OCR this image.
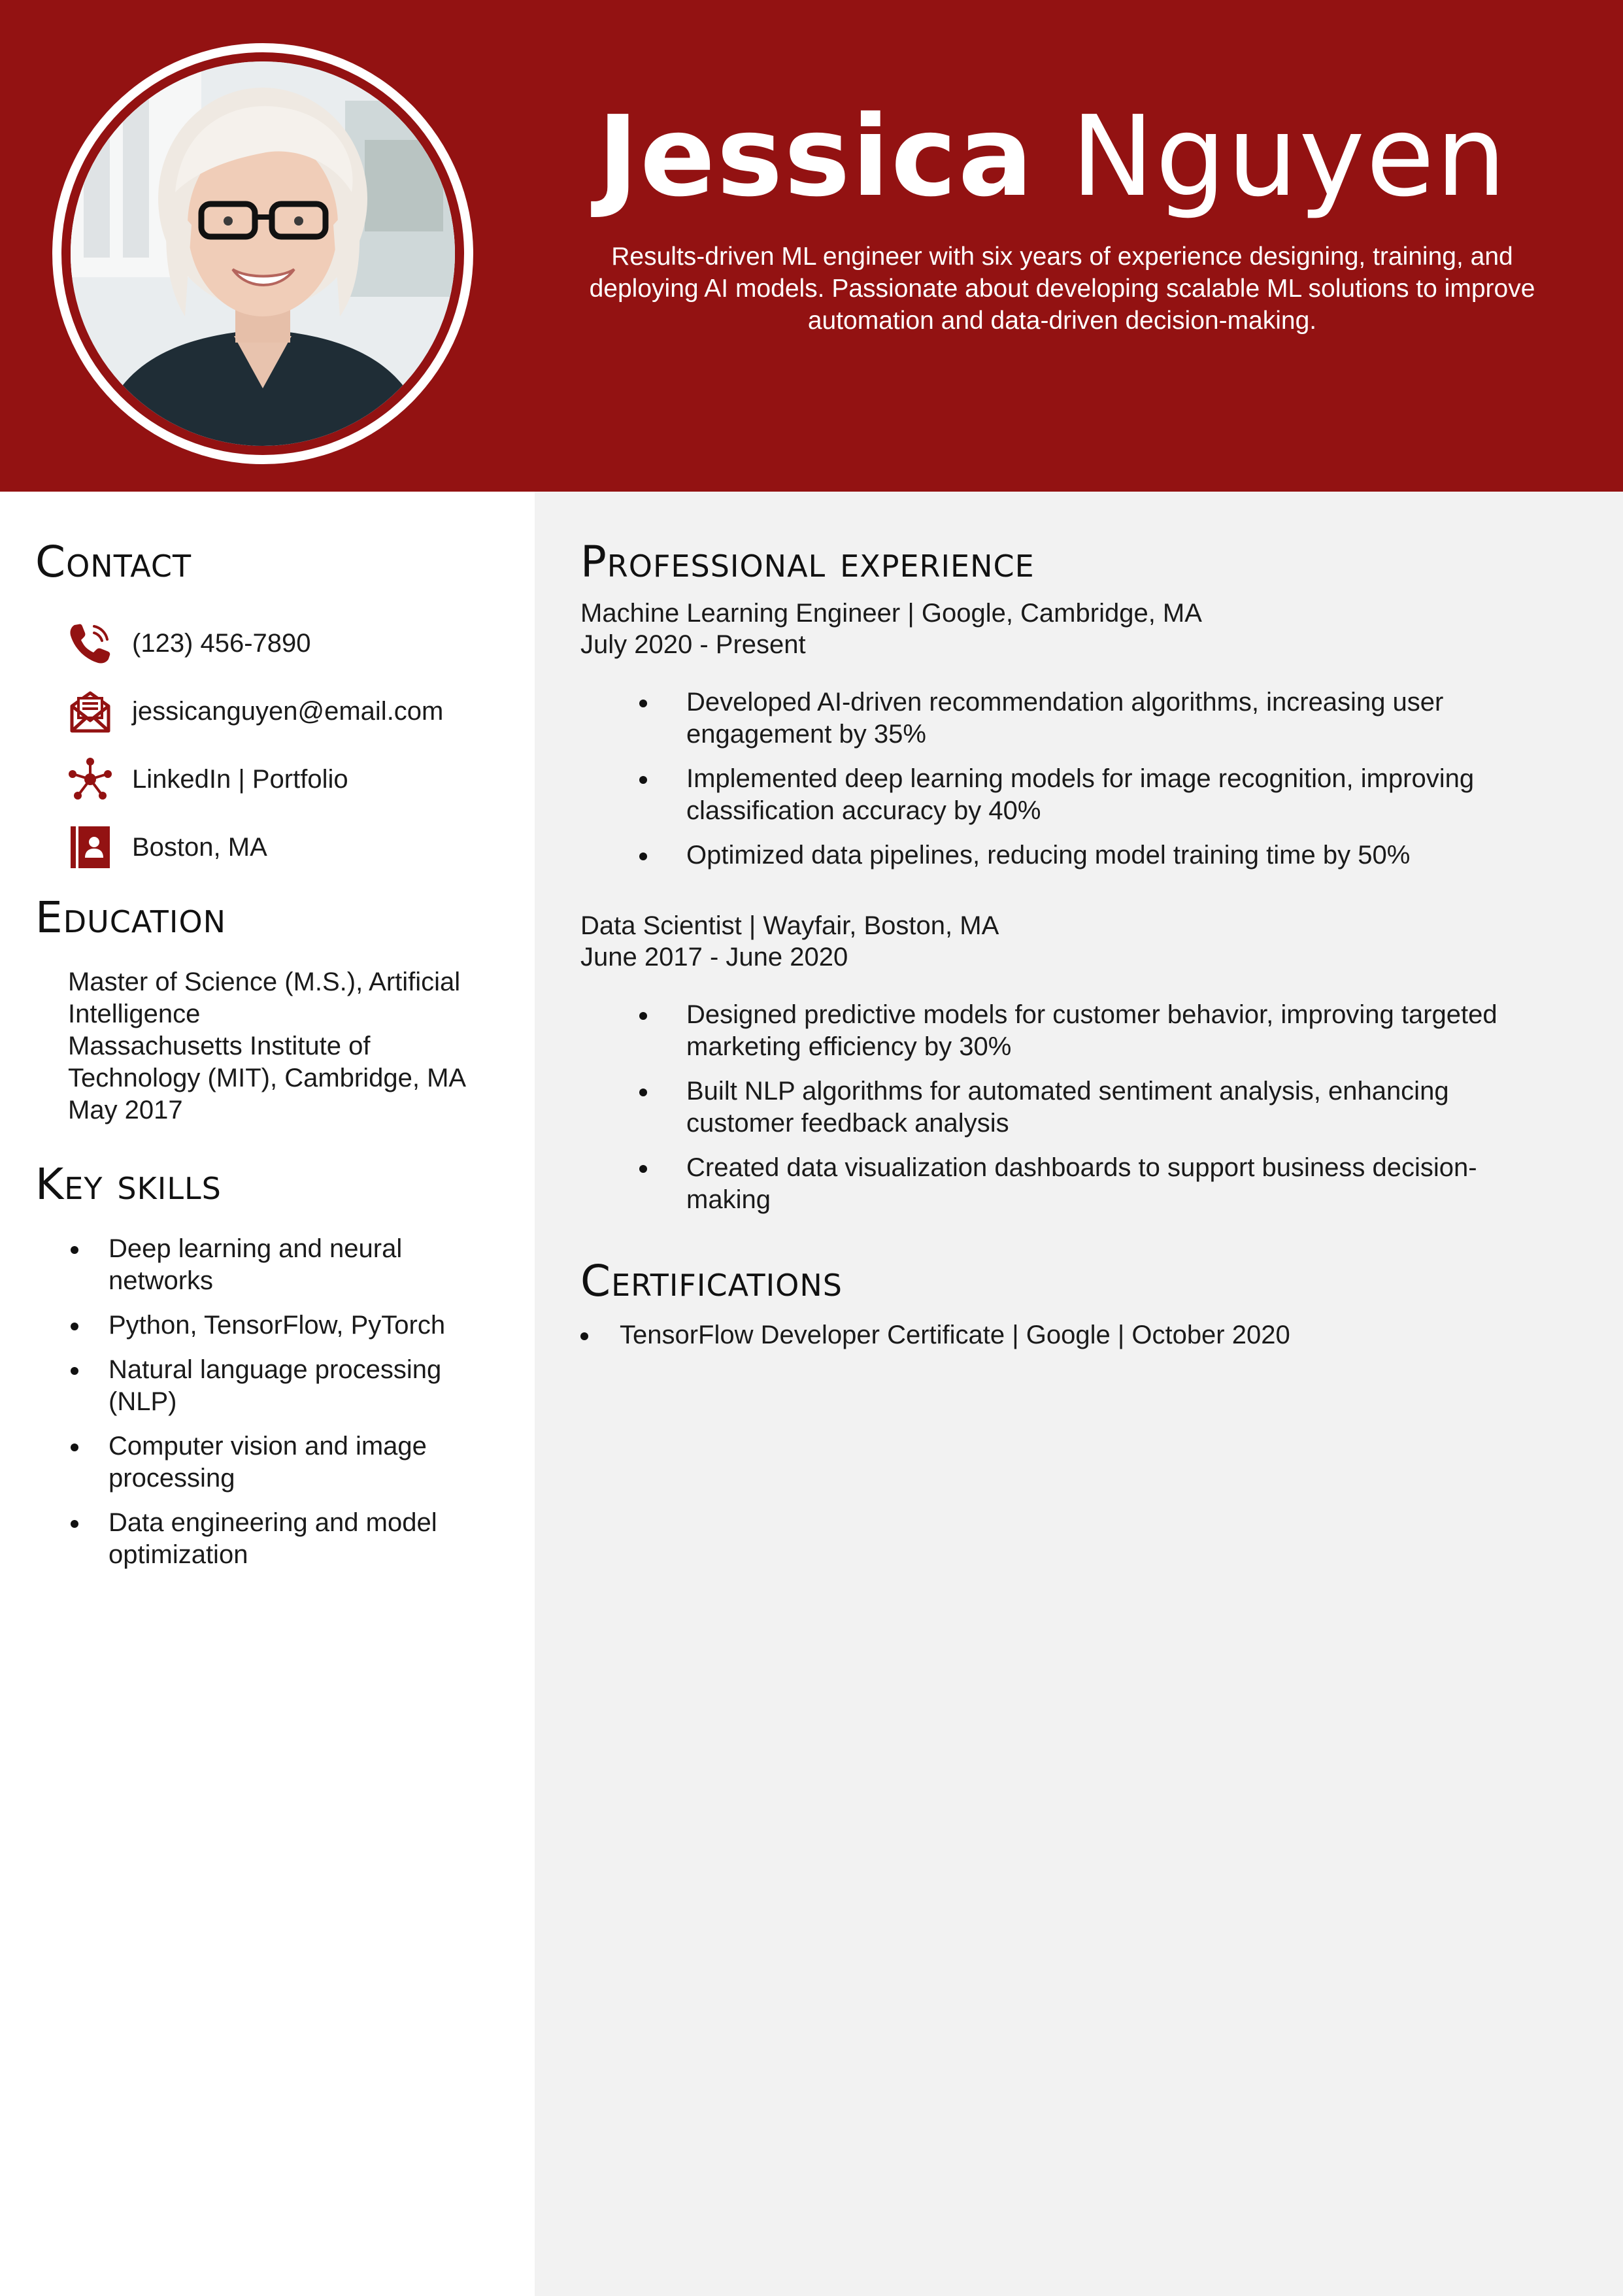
Jessica Nguyen
Results-driven ML engineer with six years of experience designing, training, and deploying AI models. Passionate about developing scalable ML solutions to improve automation and data-driven decision-making.
Contact
(123) 456-7890
jessicanguyen@email.com
LinkedIn | Portfolio
Boston, MA
Education
Master of Science (M.S.), Artificial Intelligence
Massachusetts Institute of Technology (MIT), Cambridge, MA
May 2017
Key skills
Deep learning and neural networks
Python, TensorFlow, PyTorch
Natural language processing (NLP)
Computer vision and image processing
Data engineering and model optimization
Professional experience
Machine Learning Engineer | Google, Cambridge, MA
July 2020 - Present
Developed AI-driven recommendation algorithms, increasing user engagement by 35%
Implemented deep learning models for image recognition, improving classification accuracy by 40%
Optimized data pipelines, reducing model training time by 50%
Data Scientist | Wayfair, Boston, MA
June 2017 - June 2020
Designed predictive models for customer behavior, improving targeted marketing efficiency by 30%
Built NLP algorithms for automated sentiment analysis, enhancing customer feedback analysis
Created data visualization dashboards to support business decision-making
Certifications
TensorFlow Developer Certificate | Google | October 2020
